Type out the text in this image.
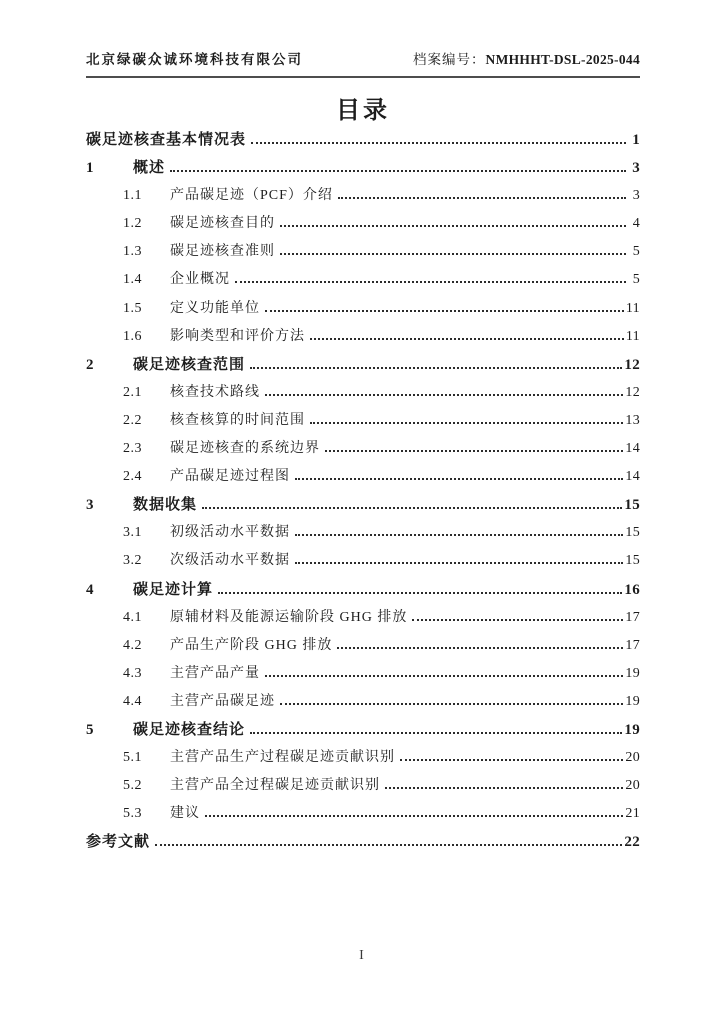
北京绿碳众诚环境科技有限公司	档案编号：NMHHHT-DSL-2025-044
目录
碳足迹核查基本情况表	1
1	概述	3
1.1	产品碳足迹（PCF）介绍	3
1.2	碳足迹核查目的	4
1.3	碳足迹核查准则	5
1.4	企业概况	5
1.5	定义功能单位	11
1.6	影响类型和评价方法	11
2	碳足迹核查范围	12
2.1	核查技术路线	12
2.2	核查核算的时间范围	13
2.3	碳足迹核查的系统边界	14
2.4	产品碳足迹过程图	14
3	数据收集	15
3.1	初级活动水平数据	15
3.2	次级活动水平数据	15
4	碳足迹计算	16
4.1	原辅材料及能源运输阶段 GHG 排放	17
4.2	产品生产阶段 GHG 排放	17
4.3	主营产品产量	19
4.4	主营产品碳足迹	19
5	碳足迹核查结论	19
5.1	主营产品生产过程碳足迹贡献识别	20
5.2	主营产品全过程碳足迹贡献识别	20
5.3	建议	21
参考文献	22
I
